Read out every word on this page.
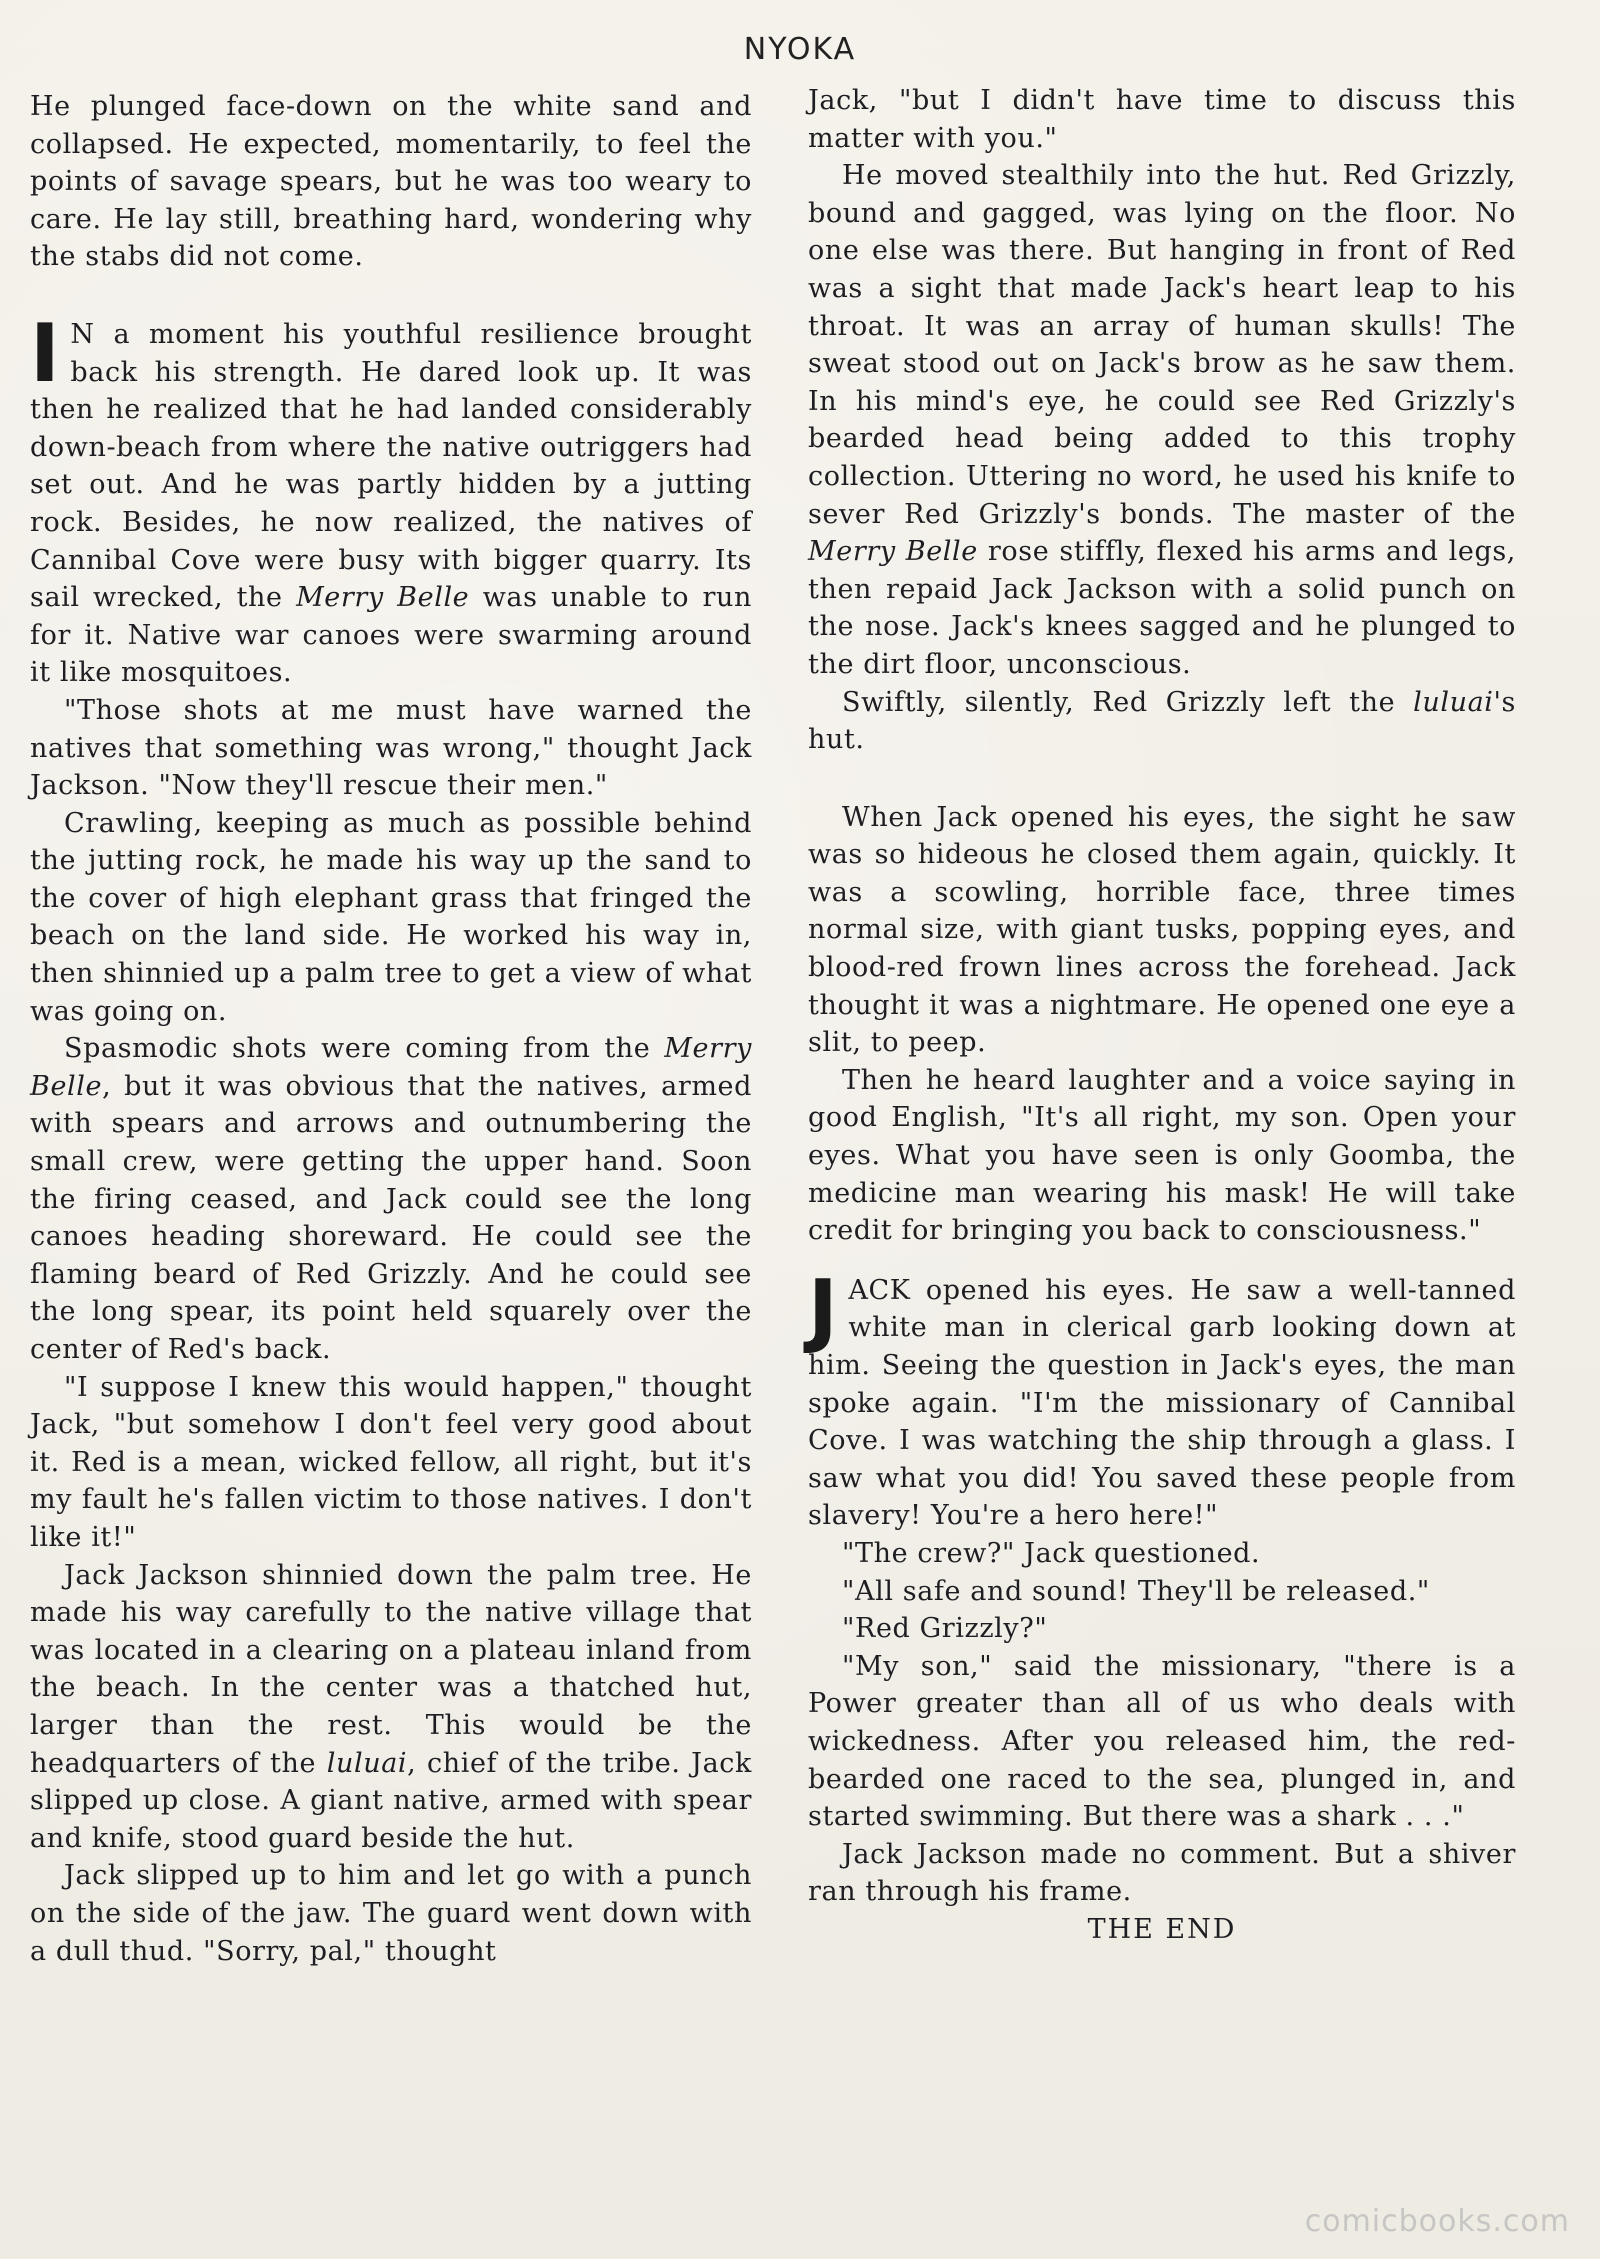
NYOKA

He plunged face-down on the white sand and collapsed. He expected, momentarily, to feel the points of savage spears, but he was too weary to care. He lay still, breathing hard, wondering why the stabs did not come.

I N a moment his youthful resilience brought back his strength. He dared look up. It was then he realized that he had landed considerably down-beach from where the native outriggers had set out. And he was partly hidden by a jutting rock. Besides, he now realized, the natives of Cannibal Cove were busy with bigger quarry. Its sail wrecked, the Merry Belle was unable to run for it. Native war canoes were swarming around it like mosquitoes.

"Those shots at me must have warned the natives that something was wrong," thought Jack Jackson. "Now they'll rescue their men."

Crawling, keeping as much as possible behind the jutting rock, he made his way up the sand to the cover of high elephant grass that fringed the beach on the land side. He worked his way in, then shinnied up a palm tree to get a view of what was going on.

Spasmodic shots were coming from the Merry Belle, but it was obvious that the natives, armed with spears and arrows and outnumbering the small crew, were getting the upper hand. Soon the firing ceased, and Jack could see the long canoes heading shoreward. He could see the flaming beard of Red Grizzly. And he could see the long spear, its point held squarely over the center of Red's back.

"I suppose I knew this would happen," thought Jack, "but somehow I don't feel very good about it. Red is a mean, wicked fellow, all right, but it's my fault he's fallen victim to those natives. I don't like it!"

Jack Jackson shinnied down the palm tree. He made his way carefully to the native village that was located in a clearing on a plateau inland from the beach. In the center was a thatched hut, larger than the rest. This would be the headquarters of the luluai, chief of the tribe. Jack slipped up close. A giant native, armed with spear and knife, stood guard beside the hut.

Jack slipped up to him and let go with a punch on the side of the jaw. The guard went down with a dull thud. "Sorry, pal," thought

Jack, "but I didn't have time to discuss this matter with you."

He moved stealthily into the hut. Red Grizzly, bound and gagged, was lying on the floor. No one else was there. But hanging in front of Red was a sight that made Jack's heart leap to his throat. It was an array of human skulls! The sweat stood out on Jack's brow as he saw them. In his mind's eye, he could see Red Grizzly's bearded head being added to this trophy collection. Uttering no word, he used his knife to sever Red Grizzly's bonds. The master of the Merry Belle rose stiffly, flexed his arms and legs, then repaid Jack Jackson with a solid punch on the nose. Jack's knees sagged and he plunged to the dirt floor, unconscious.

Swiftly, silently, Red Grizzly left the luluai's hut.

When Jack opened his eyes, the sight he saw was so hideous he closed them again, quickly. It was a scowling, horrible face, three times normal size, with giant tusks, popping eyes, and blood-red frown lines across the forehead. Jack thought it was a nightmare. He opened one eye a slit, to peep.

Then he heard laughter and a voice saying in good English, "It's all right, my son. Open your eyes. What you have seen is only Goomba, the medicine man wearing his mask! He will take credit for bringing you back to consciousness."

JACK opened his eyes. He saw a well-tanned white man in clerical garb looking down at him. Seeing the question in Jack's eyes, the man spoke again. "I'm the missionary of Cannibal Cove. I was watching the ship through a glass. I saw what you did! You saved these people from slavery! You're a hero here!"

"The crew?" Jack questioned.

"All safe and sound! They'll be released."

"Red Grizzly?"

"My son," said the missionary, "there is a Power greater than all of us who deals with wickedness. After you released him, the red-bearded one raced to the sea, plunged in, and started swimming. But there was a shark . . ."

Jack Jackson made no comment. But a shiver ran through his frame.

THE END

comicbooks.com
